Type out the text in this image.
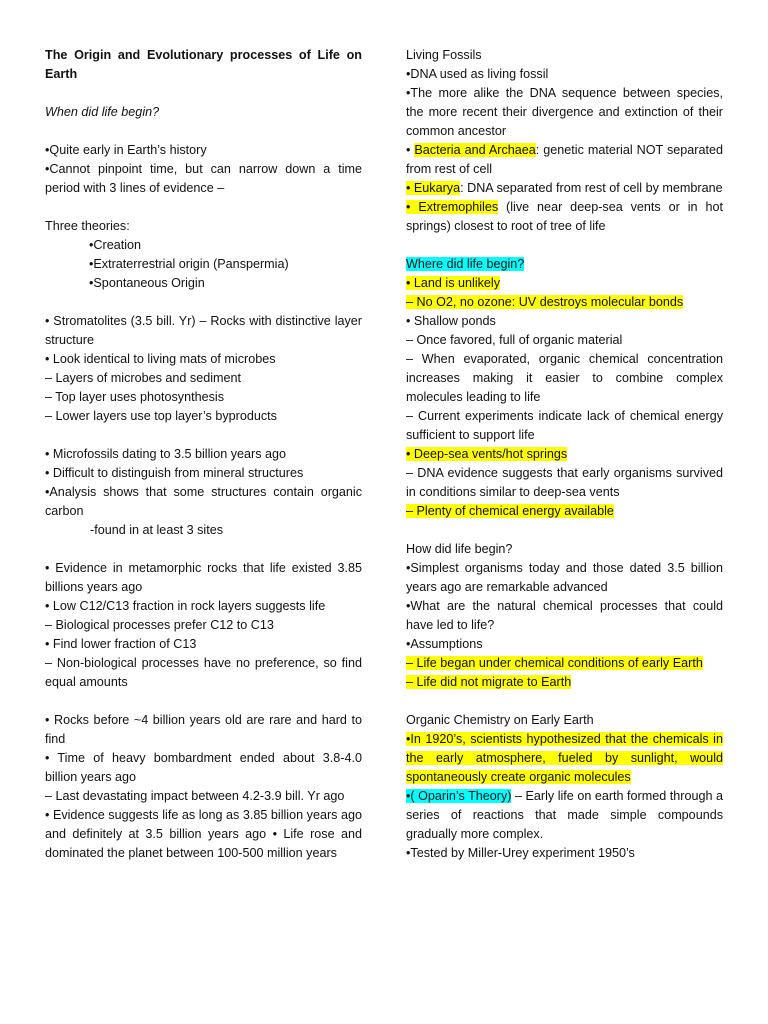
The Origin and Evolutionary processes of Life on Earth

When did life begin?

•Quite early in Earth’s history

•Cannot pinpoint time, but can narrow down a time period with 3 lines of evidence –

Three theories:

•Creation

•Extraterrestrial origin (Panspermia)

•Spontaneous Origin

• Stromatolites (3.5 bill. Yr) – Rocks with distinctive layer structure

• Look identical to living mats of microbes

– Layers of microbes and sediment

– Top layer uses photosynthesis

– Lower layers use top layer’s byproducts

• Microfossils dating to 3.5 billion years ago

• Difficult to distinguish from mineral structures

•Analysis shows that some structures contain organic carbon

-found in at least 3 sites

• Evidence in metamorphic rocks that life existed 3.85 billions years ago

• Low C12/C13 fraction in rock layers suggests life

– Biological processes prefer C12 to C13

• Find lower fraction of C13

– Non-biological processes have no preference, so find equal amounts

• Rocks before ~4 billion years old are rare and hard to find

• Time of heavy bombardment ended about 3.8-4.0 billion years ago

– Last devastating impact between 4.2-3.9 bill. Yr ago

• Evidence suggests life as long as 3.85 billion years ago and definitely at 3.5 billion years ago • Life rose and dominated the planet between 100-500 million years

Living Fossils

•DNA used as living fossil

•The more alike the DNA sequence between species, the more recent their divergence and extinction of their common ancestor

• Bacteria and Archaea: genetic material NOT separated from rest of cell

• Eukarya: DNA separated from rest of cell by membrane

• Extremophiles (live near deep-sea vents or in hot springs) closest to root of tree of life

Where did life begin?

• Land is unlikely

– No O2, no ozone: UV destroys molecular bonds

• Shallow ponds

– Once favored, full of organic material

– When evaporated, organic chemical concentration increases making it easier to combine complex molecules leading to life

– Current experiments indicate lack of chemical energy sufficient to support life

• Deep-sea vents/hot springs

– DNA evidence suggests that early organisms survived in conditions similar to deep-sea vents

– Plenty of chemical energy available

How did life begin?

•Simplest organisms today and those dated 3.5 billion years ago are remarkable advanced

•What are the natural chemical processes that could have led to life?

•Assumptions

– Life began under chemical conditions of early Earth

– Life did not migrate to Earth

Organic Chemistry on Early Earth

•In 1920’s, scientists hypothesized that the chemicals in the early atmosphere, fueled by sunlight, would spontaneously create organic molecules

•( Oparin’s Theory) – Early life on earth formed through a series of reactions that made simple compounds gradually more complex.

•Tested by Miller-Urey experiment 1950’s
